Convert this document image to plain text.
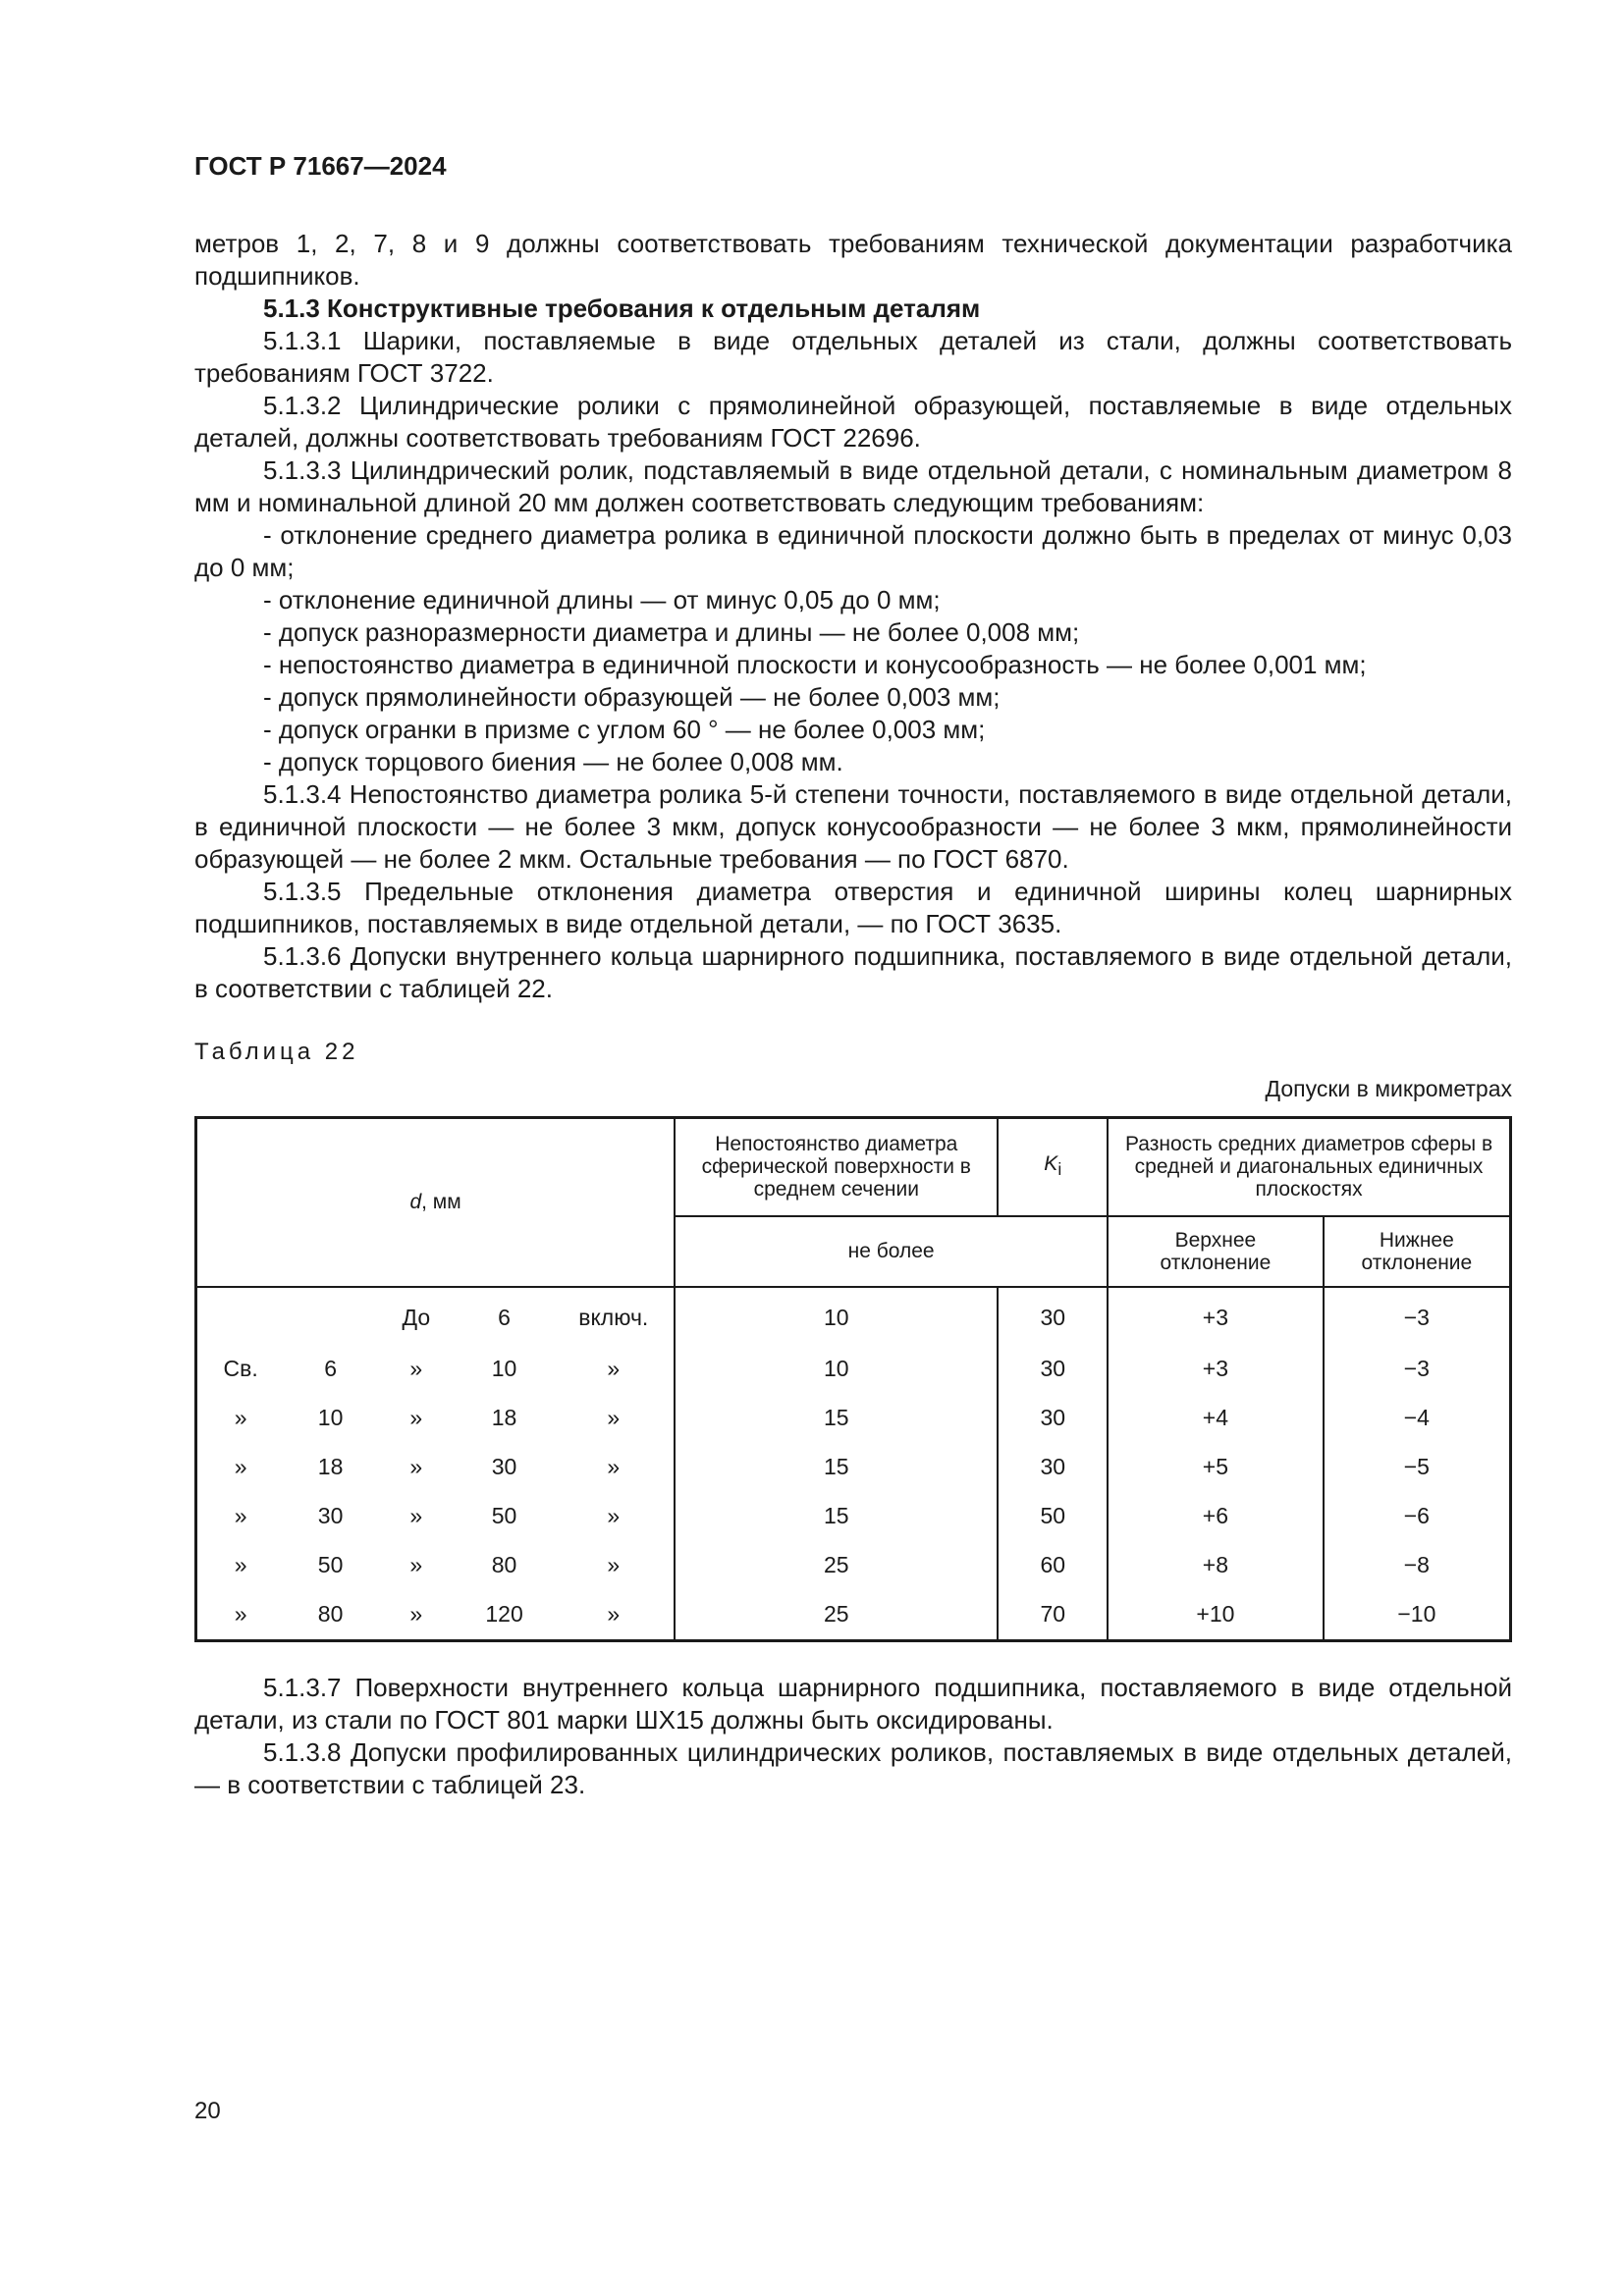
ГОСТ Р 71667—2024

метров 1, 2, 7, 8 и 9 должны соответствовать требованиям технической документации разработчика подшипников.

5.1.3 Конструктивные требования к отдельным деталям

5.1.3.1 Шарики, поставляемые в виде отдельных деталей из стали, должны соответствовать требованиям ГОСТ 3722.

5.1.3.2 Цилиндрические ролики с прямолинейной образующей, поставляемые в виде отдельных деталей, должны соответствовать требованиям ГОСТ 22696.

5.1.3.3 Цилиндрический ролик, подставляемый в виде отдельной детали, с номинальным диаметром 8 мм и номинальной длиной 20 мм должен соответствовать следующим требованиям:

- отклонение среднего диаметра ролика в единичной плоскости должно быть в пределах от минус 0,03 до 0 мм;

- отклонение единичной длины — от минус 0,05 до 0 мм;

- допуск разноразмерности диаметра и длины — не более 0,008 мм;

- непостоянство диаметра в единичной плоскости и конусообразность — не более 0,001 мм;

- допуск прямолинейности образующей — не более 0,003 мм;

- допуск огранки в призме с углом 60 ° — не более 0,003 мм;

- допуск торцового биения — не более 0,008 мм.

5.1.3.4 Непостоянство диаметра ролика 5-й степени точности, поставляемого в виде отдельной детали, в единичной плоскости — не более 3 мкм, допуск конусообразности — не более 3 мкм, прямолинейности образующей — не более 2 мкм. Остальные требования — по ГОСТ 6870.

5.1.3.5 Предельные отклонения диаметра отверстия и единичной ширины колец шарнирных подшипников, поставляемых в виде отдельной детали, — по ГОСТ 3635.

5.1.3.6 Допуски внутреннего кольца шарнирного подшипника, поставляемого в виде отдельной детали, в соответствии с таблицей 22.

Таблица 22
Допуски в микрометрах
d, мм					Непостоянство диаметра сферической поверхности в среднем сечении	$K_i$	Разность средних диаметров сферы в средней и диагональных единичных плоскостях	
					не более		Верхнее отклонение	Нижнее отклонение
		До	6	включ.	10	30	+3	−3
Св.	6	»	10	»	10	30	+3	−3
»	10	»	18	»	15	30	+4	−4
»	18	»	30	»	15	30	+5	−5
»	30	»	50	»	15	50	+6	−6
»	50	»	80	»	25	60	+8	−8
»	80	»	120	»	25	70	+10	−10

5.1.3.7 Поверхности внутреннего кольца шарнирного подшипника, поставляемого в виде отдельной детали, из стали по ГОСТ 801 марки ШХ15 должны быть оксидированы.

5.1.3.8 Допуски профилированных цилиндрических роликов, поставляемых в виде отдельных деталей, — в соответствии с таблицей 23.

20
